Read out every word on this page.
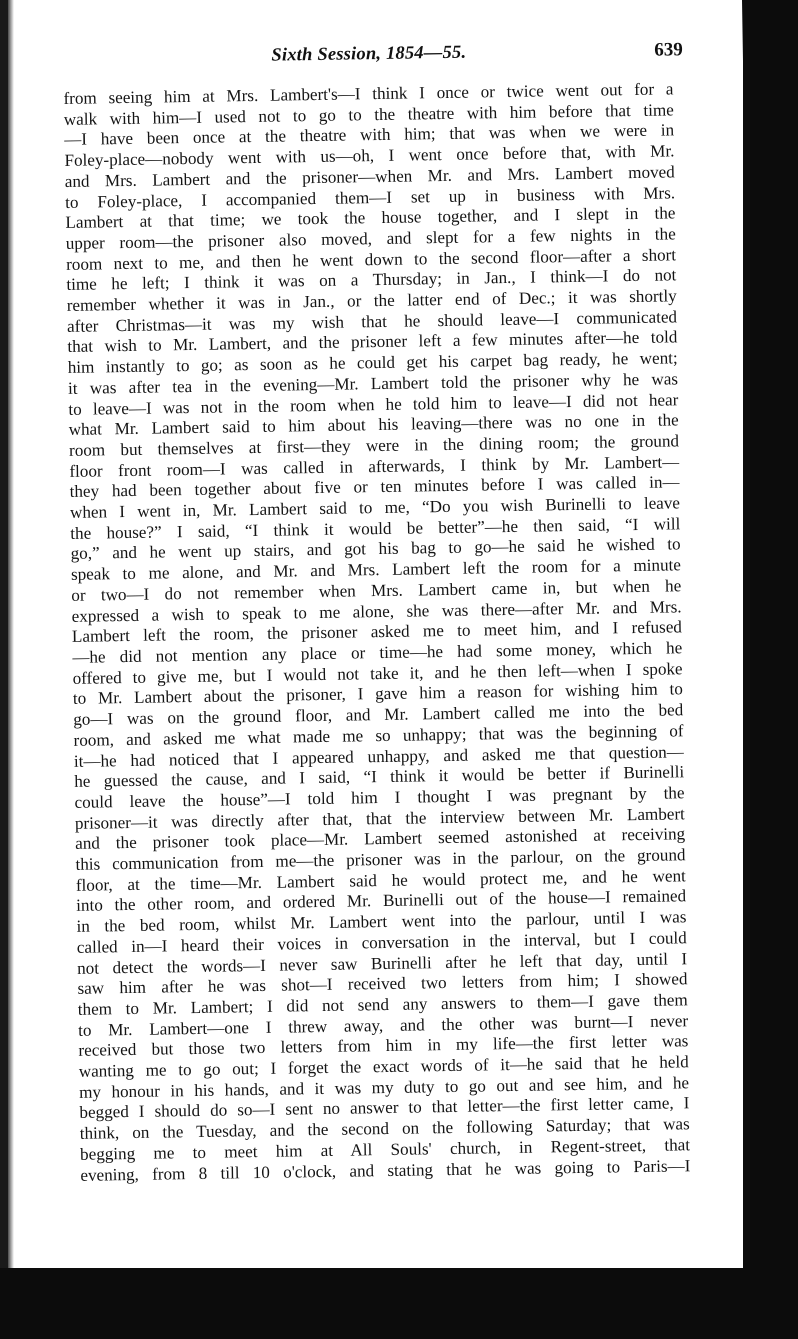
Sixth Session, 1854—55.	639
from seeing him at Mrs. Lambert's—I think I once or twice went out for a
walk with him—I used not to go to the theatre with him before that time
—I have been once at the theatre with him; that was when we were in
Foley-place—nobody went with us—oh, I went once before that, with Mr.
and Mrs. Lambert and the prisoner—when Mr. and Mrs. Lambert moved
to Foley-place, I accompanied them—I set up in business with Mrs.
Lambert at that time; we took the house together, and I slept in the
upper room—the prisoner also moved, and slept for a few nights in the
room next to me, and then he went down to the second floor—after a short
time he left; I think it was on a Thursday; in Jan., I think—I do not
remember whether it was in Jan., or the latter end of Dec.; it was shortly
after Christmas—it was my wish that he should leave—I communicated
that wish to Mr. Lambert, and the prisoner left a few minutes after—he told
him instantly to go; as soon as he could get his carpet bag ready, he went;
it was after tea in the evening—Mr. Lambert told the prisoner why he was
to leave—I was not in the room when he told him to leave—I did not hear
what Mr. Lambert said to him about his leaving—there was no one in the
room but themselves at first—they were in the dining room; the ground
floor front room—I was called in afterwards, I think by Mr. Lambert—
they had been together about five or ten minutes before I was called in—
when I went in, Mr. Lambert said to me, “Do you wish Burinelli to leave
the house?” I said, “I think it would be better”—he then said, “I will
go,” and he went up stairs, and got his bag to go—he said he wished to
speak to me alone, and Mr. and Mrs. Lambert left the room for a minute
or two—I do not remember when Mrs. Lambert came in, but when he
expressed a wish to speak to me alone, she was there—after Mr. and Mrs.
Lambert left the room, the prisoner asked me to meet him, and I refused
—he did not mention any place or time—he had some money, which he
offered to give me, but I would not take it, and he then left—when I spoke
to Mr. Lambert about the prisoner, I gave him a reason for wishing him to
go—I was on the ground floor, and Mr. Lambert called me into the bed
room, and asked me what made me so unhappy; that was the beginning of
it—he had noticed that I appeared unhappy, and asked me that question—
he guessed the cause, and I said, “I think it would be better if Burinelli
could leave the house”—I told him I thought I was pregnant by the
prisoner—it was directly after that, that the interview between Mr. Lambert
and the prisoner took place—Mr. Lambert seemed astonished at receiving
this communication from me—the prisoner was in the parlour, on the ground
floor, at the time—Mr. Lambert said he would protect me, and he went
into the other room, and ordered Mr. Burinelli out of the house—I remained
in the bed room, whilst Mr. Lambert went into the parlour, until I was
called in—I heard their voices in conversation in the interval, but I could
not detect the words—I never saw Burinelli after he left that day, until I
saw him after he was shot—I received two letters from him; I showed
them to Mr. Lambert; I did not send any answers to them—I gave them
to Mr. Lambert—one I threw away, and the other was burnt—I never
received but those two letters from him in my life—the first letter was
wanting me to go out; I forget the exact words of it—he said that he held
my honour in his hands, and it was my duty to go out and see him, and he
begged I should do so—I sent no answer to that letter—the first letter came, I
think, on the Tuesday, and the second on the following Saturday; that was
begging me to meet him at All Souls' church, in Regent-street, that
evening, from 8 till 10 o'clock, and stating that he was going to Paris—I
